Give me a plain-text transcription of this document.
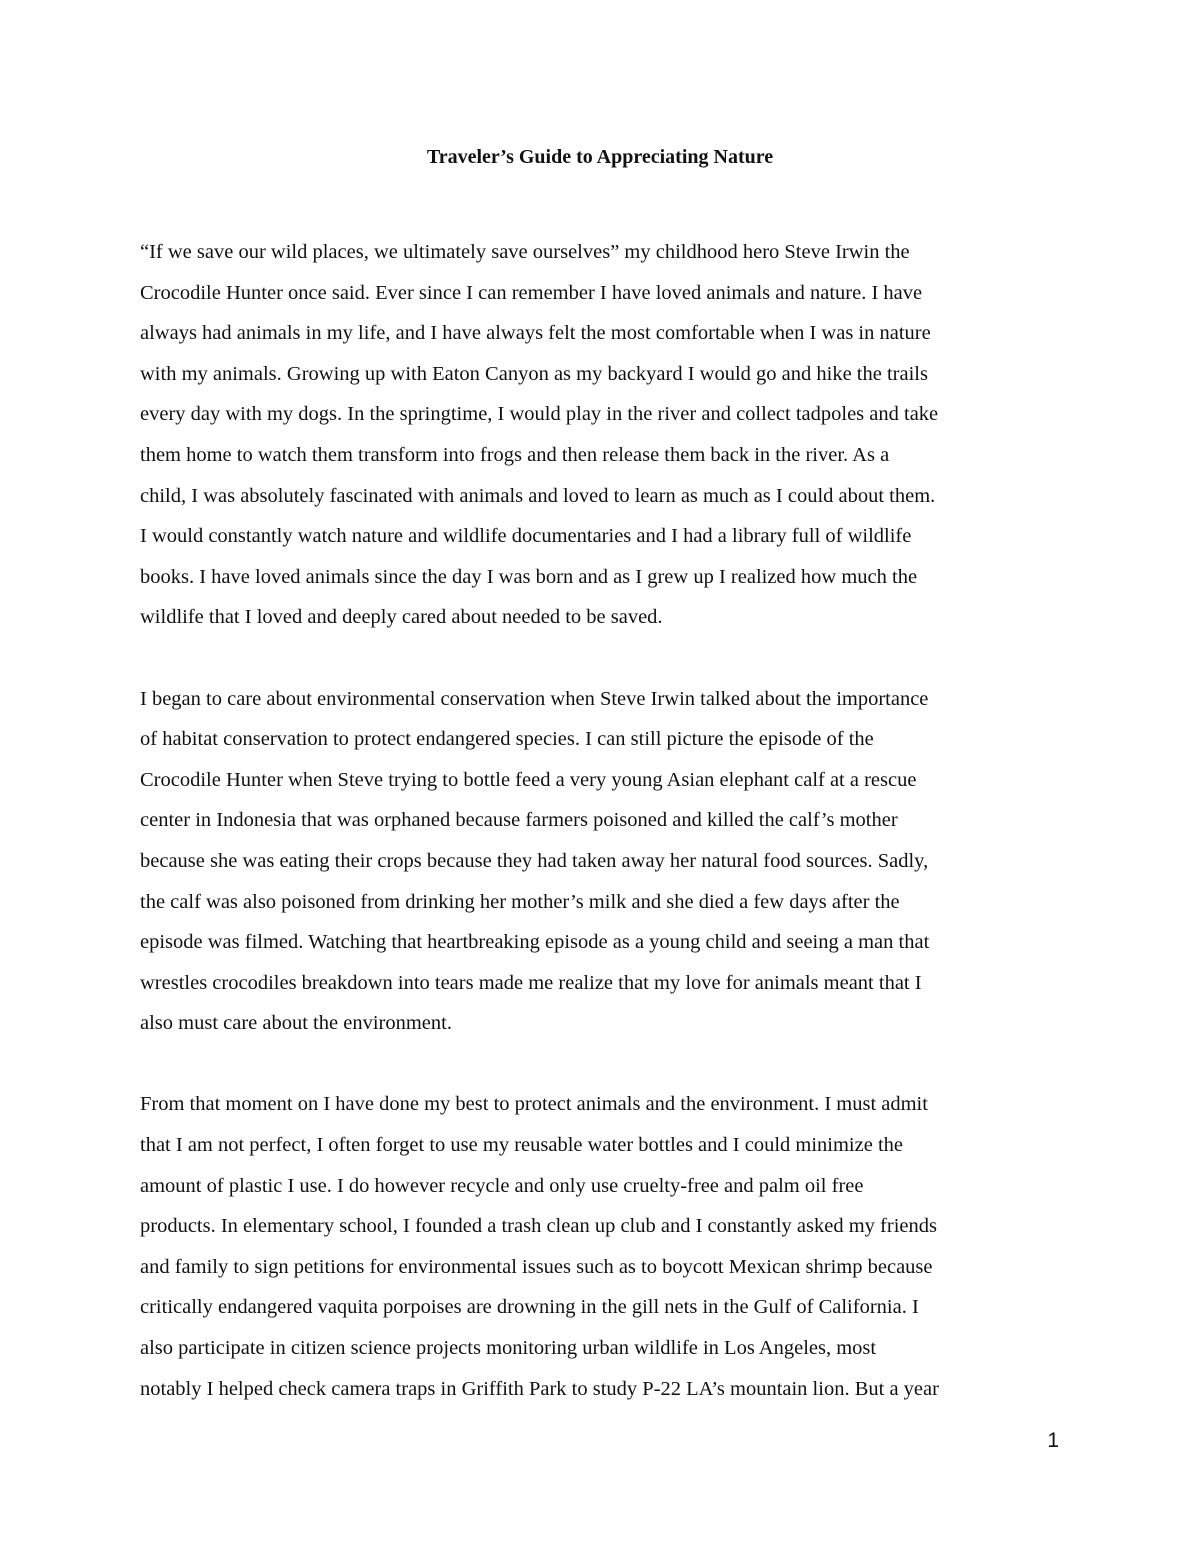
Traveler’s Guide to Appreciating Nature

“If we save our wild places, we ultimately save ourselves” my childhood hero Steve Irwin the
Crocodile Hunter once said. Ever since I can remember I have loved animals and nature. I have
always had animals in my life, and I have always felt the most comfortable when I was in nature
with my animals. Growing up with Eaton Canyon as my backyard I would go and hike the trails
every day with my dogs. In the springtime, I would play in the river and collect tadpoles and take
them home to watch them transform into frogs and then release them back in the river. As a
child, I was absolutely fascinated with animals and loved to learn as much as I could about them.
I would constantly watch nature and wildlife documentaries and I had a library full of wildlife
books. I have loved animals since the day I was born and as I grew up I realized how much the
wildlife that I loved and deeply cared about needed to be saved.

I began to care about environmental conservation when Steve Irwin talked about the importance
of habitat conservation to protect endangered species. I can still picture the episode of the
Crocodile Hunter when Steve trying to bottle feed a very young Asian elephant calf at a rescue
center in Indonesia that was orphaned because farmers poisoned and killed the calf’s mother
because she was eating their crops because they had taken away her natural food sources. Sadly,
the calf was also poisoned from drinking her mother’s milk and she died a few days after the
episode was filmed. Watching that heartbreaking episode as a young child and seeing a man that
wrestles crocodiles breakdown into tears made me realize that my love for animals meant that I
also must care about the environment.

From that moment on I have done my best to protect animals and the environment. I must admit
that I am not perfect, I often forget to use my reusable water bottles and I could minimize the
amount of plastic I use. I do however recycle and only use cruelty-free and palm oil free
products. In elementary school, I founded a trash clean up club and I constantly asked my friends
and family to sign petitions for environmental issues such as to boycott Mexican shrimp because
critically endangered vaquita porpoises are drowning in the gill nets in the Gulf of California. I
also participate in citizen science projects monitoring urban wildlife in Los Angeles, most
notably I helped check camera traps in Griffith Park to study P-22 LA’s mountain lion. But a year

1
